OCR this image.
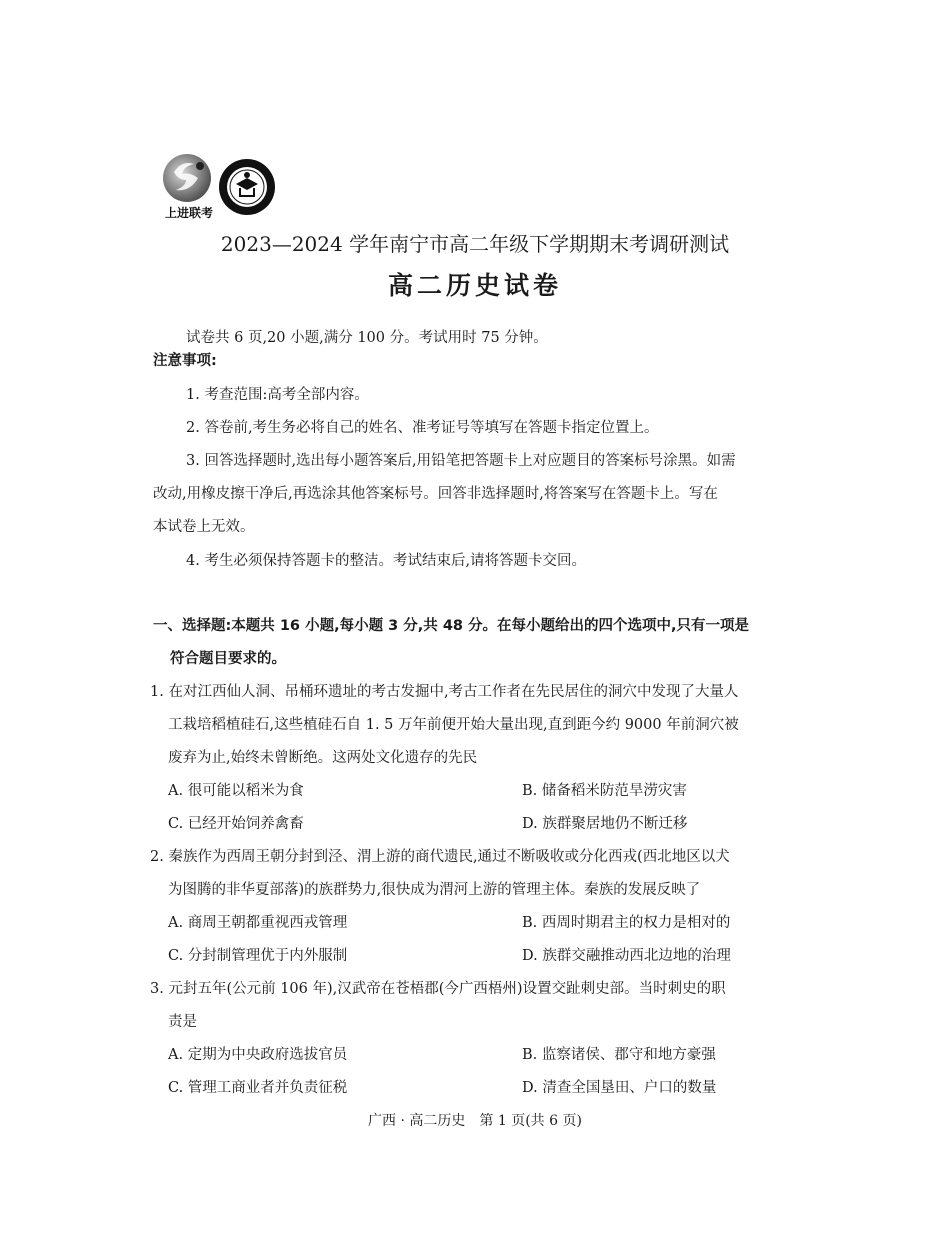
上进联考
2023—2024 学年南宁市高二年级下学期期末考调研测试
高二历史试卷
试卷共 6 页,20 小题,满分 100 分。考试用时 75 分钟。
注意事项:
1. 考查范围:高考全部内容。
2. 答卷前,考生务必将自己的姓名、准考证号等填写在答题卡指定位置上。
3. 回答选择题时,选出每小题答案后,用铅笔把答题卡上对应题目的答案标号涂黑。如需
改动,用橡皮擦干净后,再选涂其他答案标号。回答非选择题时,将答案写在答题卡上。写在
本试卷上无效。
4. 考生必须保持答题卡的整洁。考试结束后,请将答题卡交回。
一、选择题:本题共 16 小题,每小题 3 分,共 48 分。在每小题给出的四个选项中,只有一项是
符合题目要求的。
1. 在对江西仙人洞、吊桶环遗址的考古发掘中,考古工作者在先民居住的洞穴中发现了大量人
工栽培稻植硅石,这些植硅石自 1. 5 万年前便开始大量出现,直到距今约 9000 年前洞穴被
废弃为止,始终未曾断绝。这两处文化遗存的先民
A. 很可能以稻米为食	B. 储备稻米防范旱涝灾害
C. 已经开始饲养禽畜	D. 族群聚居地仍不断迁移
2. 秦族作为西周王朝分封到泾、渭上游的商代遗民,通过不断吸收或分化西戎(西北地区以犬
为图腾的非华夏部落)的族群势力,很快成为渭河上游的管理主体。秦族的发展反映了
A. 商周王朝都重视西戎管理	B. 西周时期君主的权力是相对的
C. 分封制管理优于内外服制	D. 族群交融推动西北边地的治理
3. 元封五年(公元前 106 年),汉武帝在苍梧郡(今广西梧州)设置交趾刺史部。当时刺史的职
责是
A. 定期为中央政府选拔官员	B. 监察诸侯、郡守和地方豪强
C. 管理工商业者并负责征税	D. 清查全国垦田、户口的数量
广西 · 高二历史　第 1 页(共 6 页)
